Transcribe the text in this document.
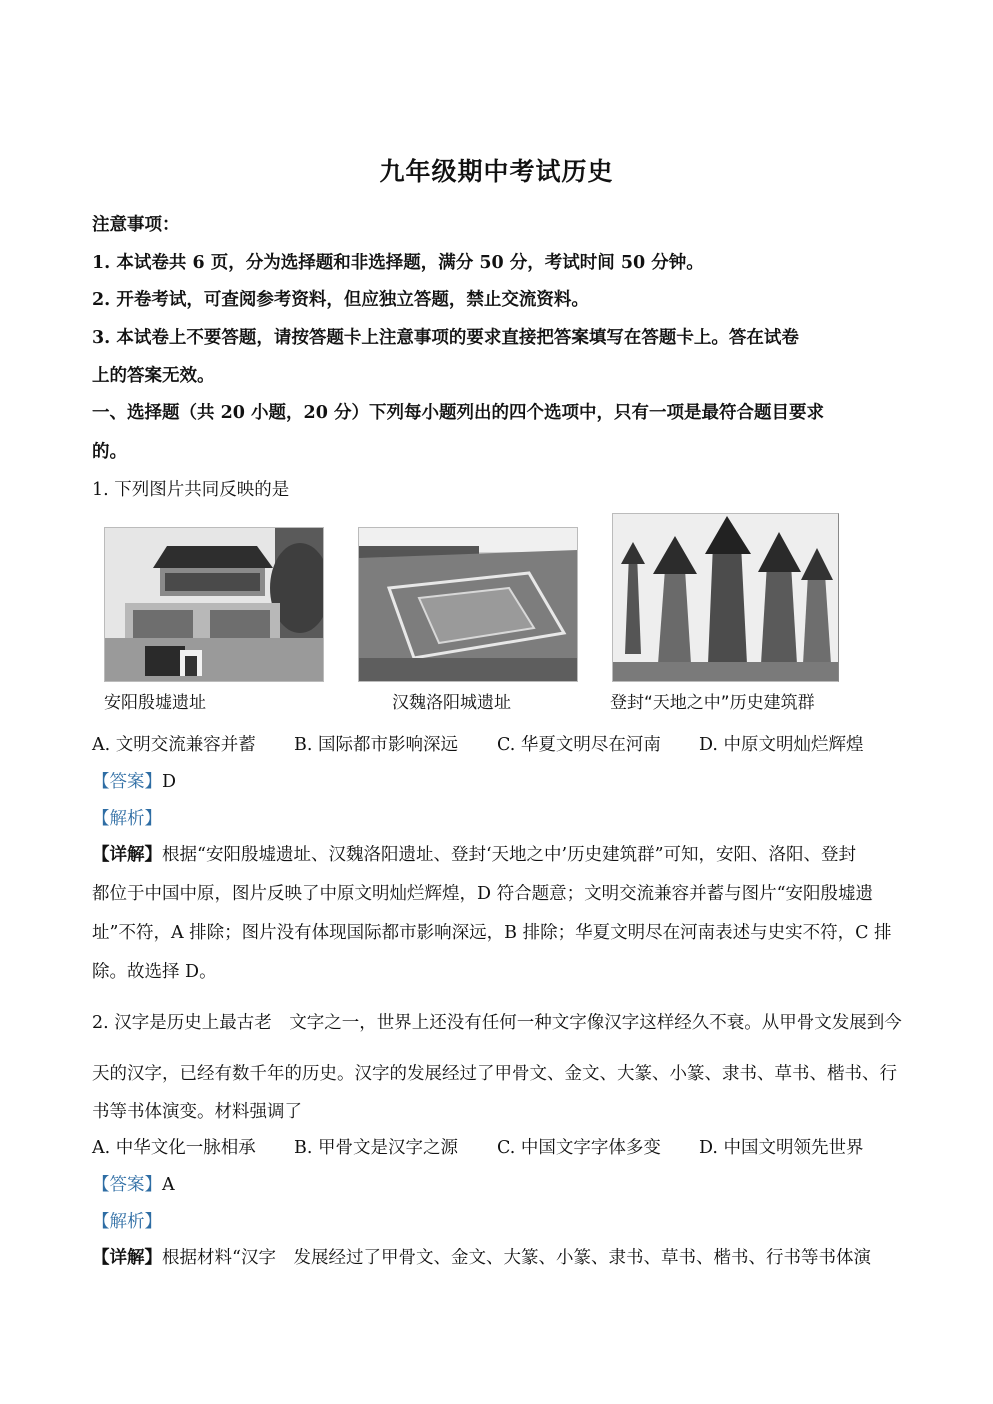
九年级期中考试历史
注意事项：
1. 本试卷共 6 页，分为选择题和非选择题，满分 50 分，考试时间 50 分钟。
2. 开卷考试，可查阅参考资料，但应独立答题，禁止交流资料。
3. 本试卷上不要答题，请按答题卡上注意事项的要求直接把答案填写在答题卡上。答在试卷
上的答案无效。
一、选择题（共 20 小题，20 分）下列每小题列出的四个选项中，只有一项是最符合题目要求
的。
1. 下列图片共同反映的是
安阳殷墟遗址	汉魏洛阳城遗址	登封“天地之中”历史建筑群
A. 文明交流兼容并蓄 B. 国际都市影响深远 C. 华夏文明尽在河南 D. 中原文明灿烂辉煌
【答案】D
【解析】
【详解】根据“安阳殷墟遗址、汉魏洛阳遗址、登封‘天地之中’历史建筑群”可知，安阳、洛阳、登封
都位于中国中原，图片反映了中原文明灿烂辉煌，D 符合题意；文明交流兼容并蓄与图片“安阳殷墟遗
址”不符，A 排除；图片没有体现国际都市影响深远，B 排除；华夏文明尽在河南表述与史实不符，C 排
除。故选择 D。
2. 汉字是历史上最古老　文字之一，世界上还没有任何一种文字像汉字这样经久不衰。从甲骨文发展到今
天的汉字，已经有数千年的历史。汉字的发展经过了甲骨文、金文、大篆、小篆、隶书、草书、楷书、行
书等书体演变。材料强调了
A. 中华文化一脉相承 B. 甲骨文是汉字之源 C. 中国文字字体多变 D. 中国文明领先世界
【答案】A
【解析】
【详解】根据材料“汉字　发展经过了甲骨文、金文、大篆、小篆、隶书、草书、楷书、行书等书体演
